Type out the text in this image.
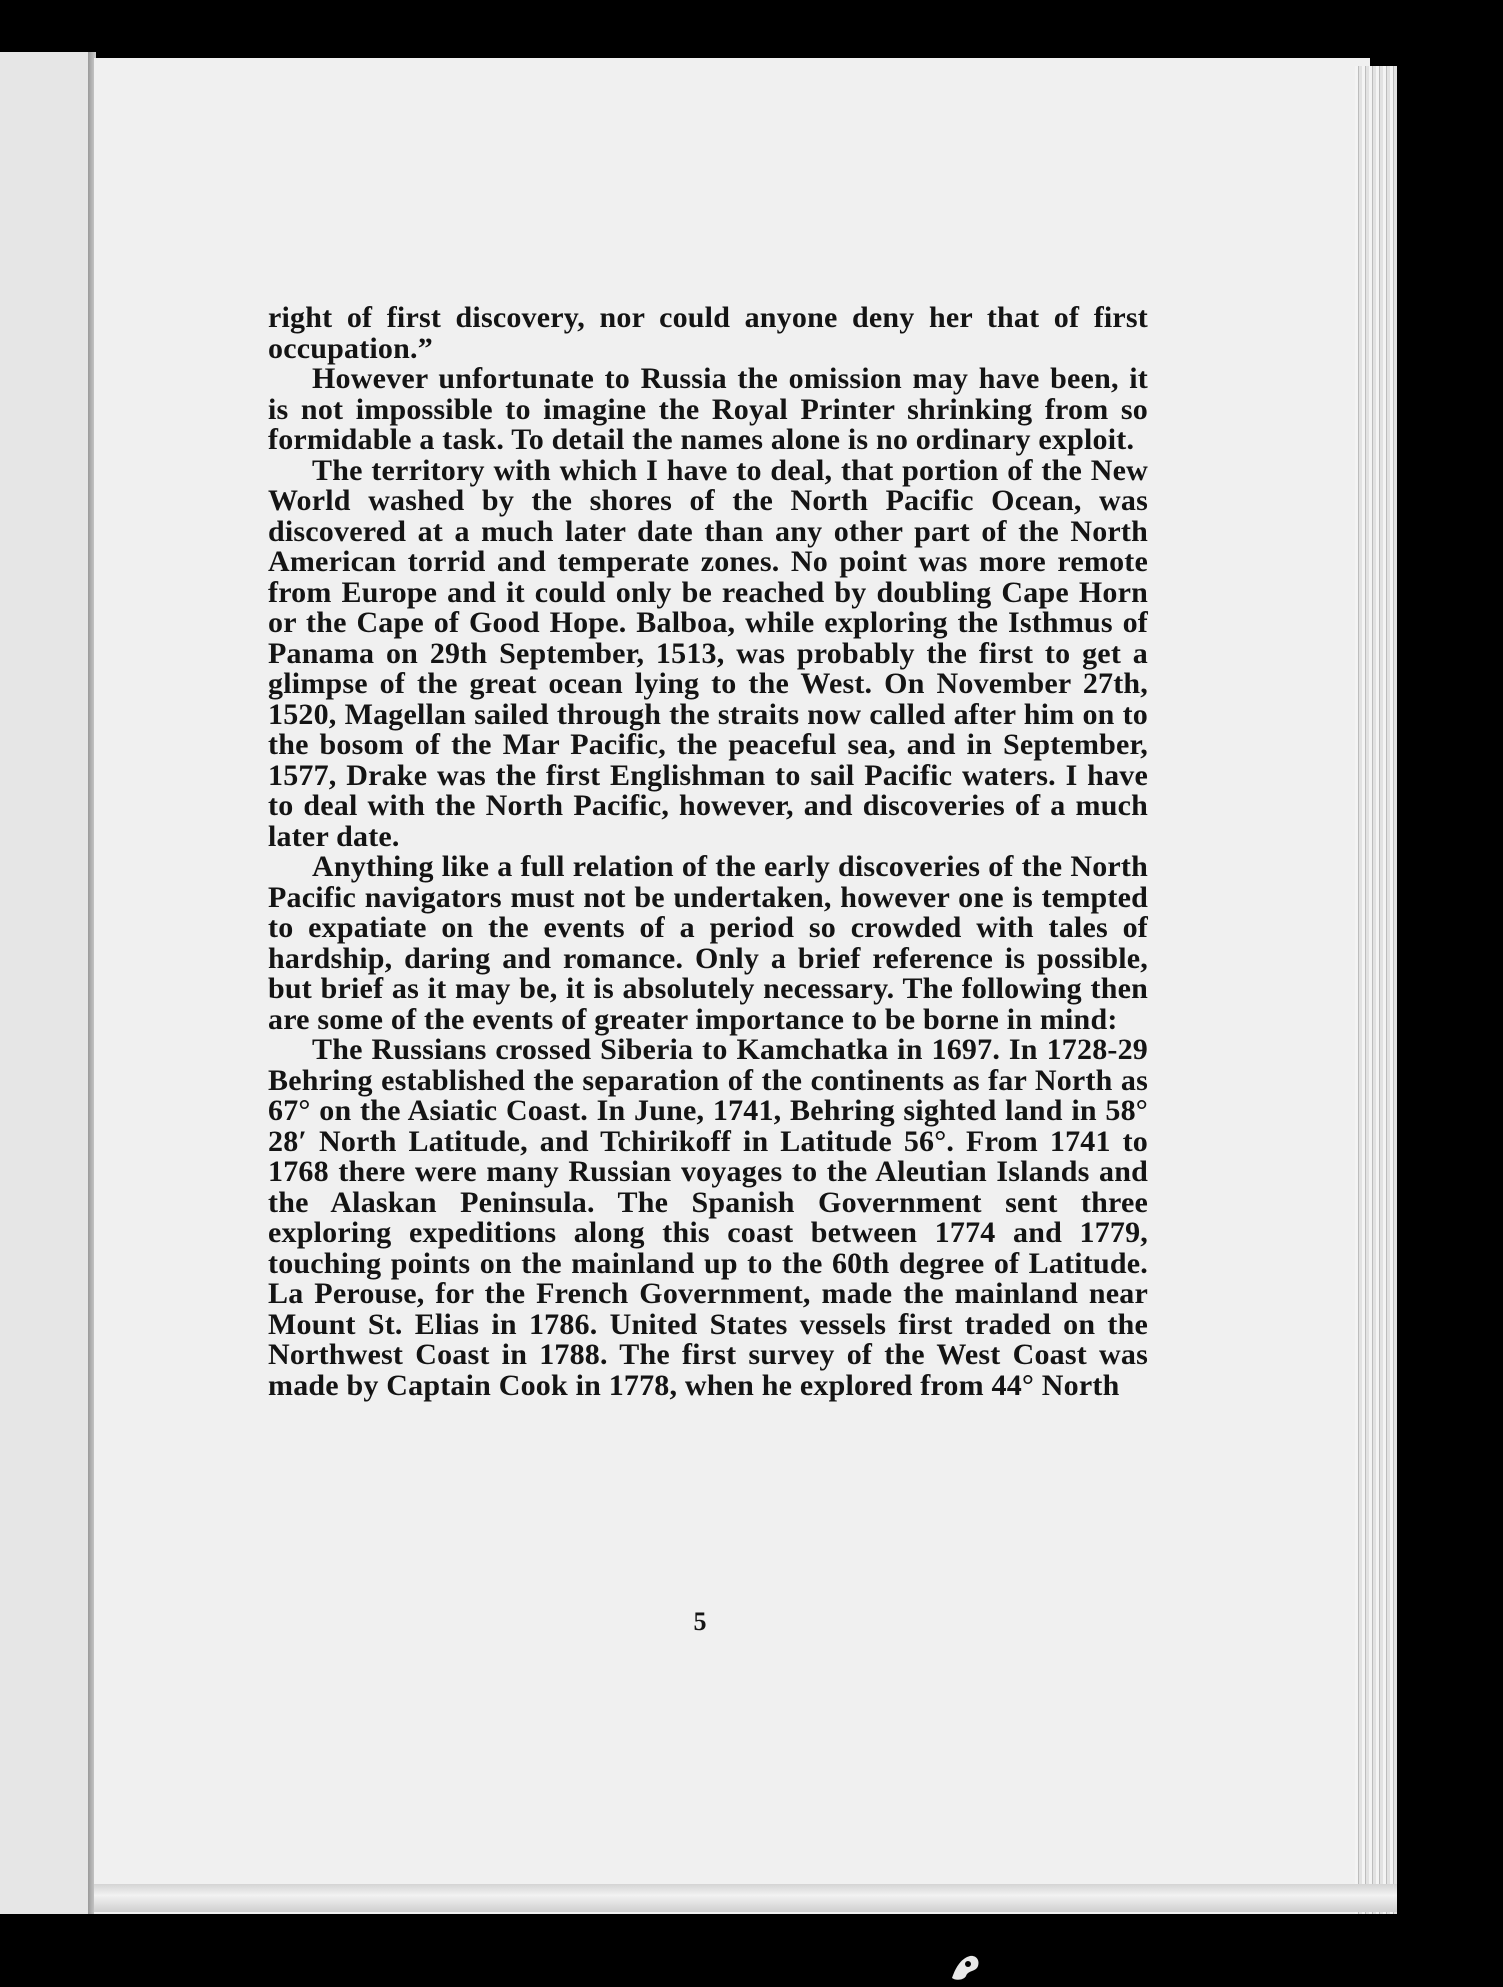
right of first discovery, nor could anyone deny her that of first occupation.”

However unfortunate to Russia the omission may have been, it is not impossible to imagine the Royal Printer shrinking from so formidable a task. To detail the names alone is no ordinary exploit.

The territory with which I have to deal, that portion of the New World washed by the shores of the North Pacific Ocean, was discovered at a much later date than any other part of the North American torrid and temperate zones. No point was more remote from Europe and it could only be reached by doubling Cape Horn or the Cape of Good Hope. Balboa, while exploring the Isthmus of Panama on 29th September, 1513, was probably the first to get a glimpse of the great ocean lying to the West. On November 27th, 1520, Magellan sailed through the straits now called after him on to the bosom of the Mar Pacific, the peaceful sea, and in September, 1577, Drake was the first Englishman to sail Pacific waters. I have to deal with the North Pacific, however, and discoveries of a much later date.

Anything like a full relation of the early discoveries of the North Pacific navigators must not be undertaken, however one is tempted to expatiate on the events of a period so crowded with tales of hardship, daring and romance. Only a brief reference is possible, but brief as it may be, it is absolutely necessary. The following then are some of the events of greater importance to be borne in mind:

The Russians crossed Siberia to Kamchatka in 1697. In 1728-29 Behring established the separation of the continents as far North as 67° on the Asiatic Coast. In June, 1741, Behring sighted land in 58° 28′ North Latitude, and Tchirikoff in Latitude 56°. From 1741 to 1768 there were many Russian voyages to the Aleutian Islands and the Alaskan Peninsula. The Spanish Government sent three exploring expeditions along this coast between 1774 and 1779, touching points on the mainland up to the 60th degree of Latitude. La Perouse, for the French Government, made the mainland near Mount St. Elias in 1786. United States vessels first traded on the Northwest Coast in 1788. The first survey of the West Coast was made by Captain Cook in 1778, when he explored from 44° North

5
